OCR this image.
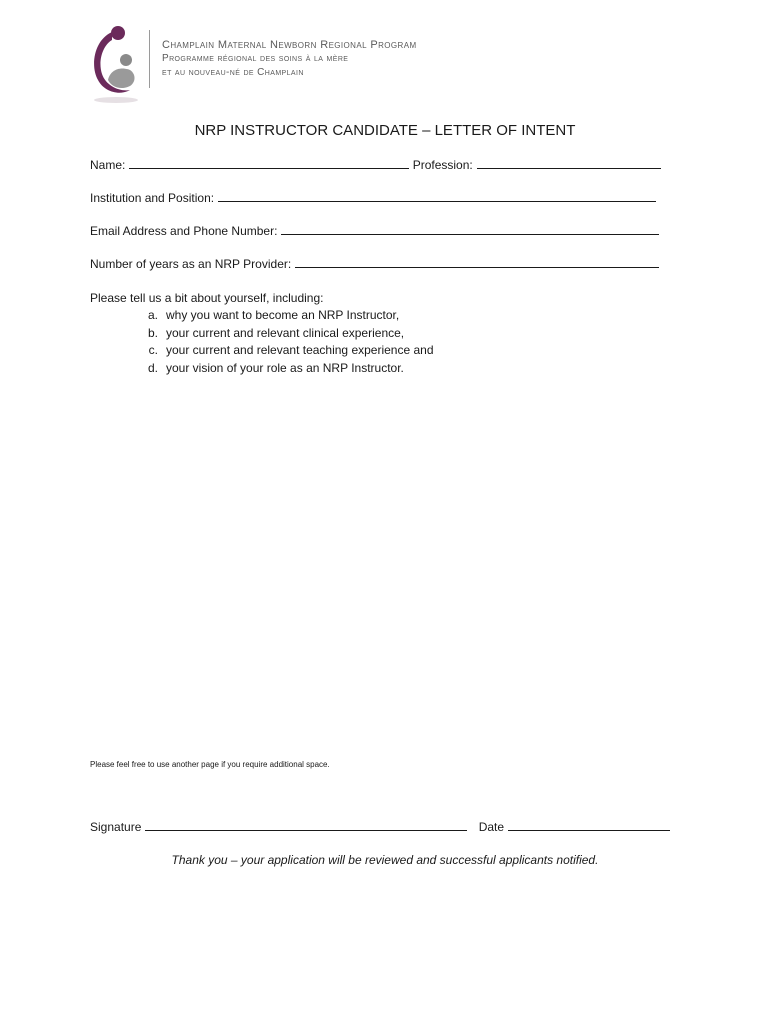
Champlain Maternal Newborn Regional Program
Programme régional des soins à la mère
et au nouveau-né de Champlain
NRP INSTRUCTOR CANDIDATE – LETTER OF INTENT
Name:	Profession:
Institution and Position:
Email Address and Phone Number:
Number of years as an NRP Provider:
Please tell us a bit about yourself, including:
a. why you want to become an NRP Instructor,
b. your current and relevant clinical experience,
c. your current and relevant teaching experience and
d. your vision of your role as an NRP Instructor.
Please feel free to use another page if you require additional space.
Signature	Date
Thank you – your application will be reviewed and successful applicants notified.
